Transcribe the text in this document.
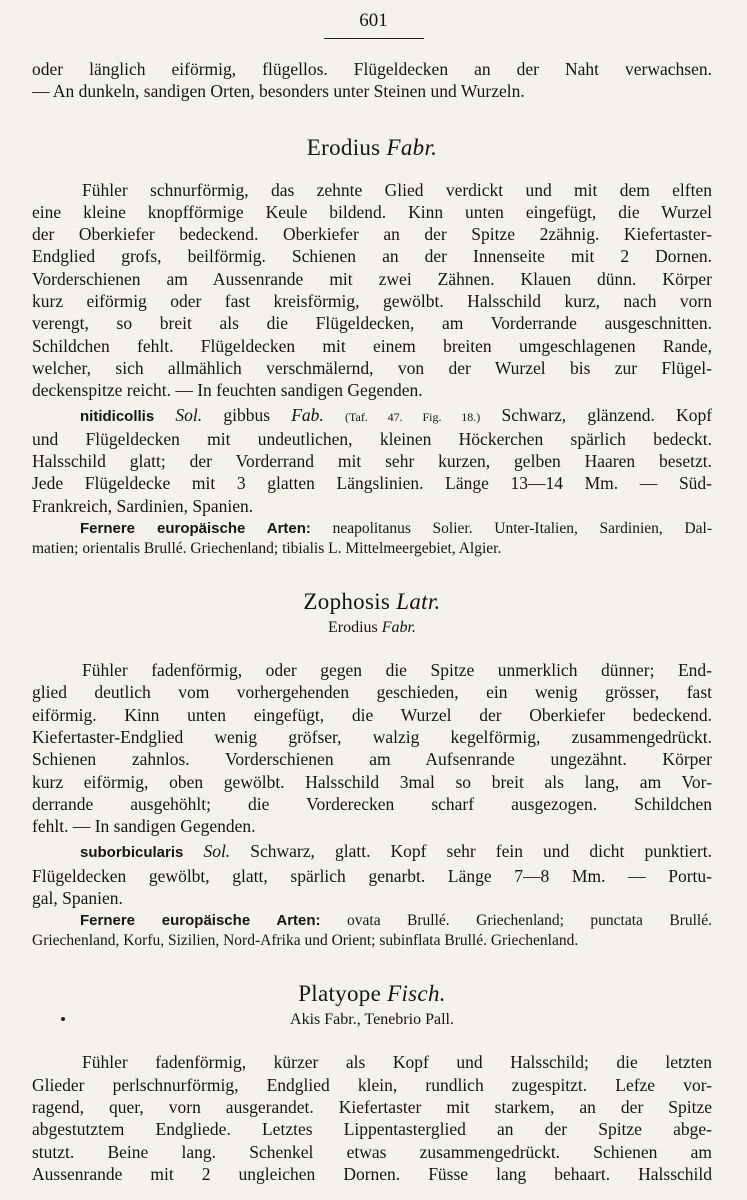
601
oder länglich eiförmig, flügellos. Flügeldecken an der Naht verwachsen.
— An dunkeln, sandigen Orten, besonders unter Steinen und Wurzeln.
Erodius Fabr.
Fühler schnurförmig, das zehnte Glied verdickt und mit dem elften
eine kleine knopfförmige Keule bildend. Kinn unten eingefügt, die Wurzel
der Oberkiefer bedeckend. Oberkiefer an der Spitze 2zähnig. Kiefertaster-
Endglied grofs, beilförmig. Schienen an der Innenseite mit 2 Dornen.
Vorderschienen am Aussenrande mit zwei Zähnen. Klauen dünn. Körper
kurz eiförmig oder fast kreisförmig, gewölbt. Halsschild kurz, nach vorn
verengt, so breit als die Flügeldecken, am Vorderrande ausgeschnitten.
Schildchen fehlt. Flügeldecken mit einem breiten umgeschlagenen Rande,
welcher, sich allmählich verschmälernd, von der Wurzel bis zur Flügel-
deckenspitze reicht. — In feuchten sandigen Gegenden.
nitidicollis Sol. gibbus Fab. (Taf. 47. Fig. 18.) Schwarz, glänzend. Kopf
und Flügeldecken mit undeutlichen, kleinen Höckerchen spärlich bedeckt.
Halsschild glatt; der Vorderrand mit sehr kurzen, gelben Haaren besetzt.
Jede Flügeldecke mit 3 glatten Längslinien. Länge 13—14 Mm. — Süd-
Frankreich, Sardinien, Spanien.
Fernere europäische Arten: neapolitanus Solier. Unter-Italien, Sardinien, Dal-
matien; orientalis Brullé. Griechenland; tibialis L. Mittelmeergebiet, Algier.
Zophosis Latr.
Erodius Fabr.
Fühler fadenförmig, oder gegen die Spitze unmerklich dünner; End-
glied deutlich vom vorhergehenden geschieden, ein wenig grösser, fast
eiförmig. Kinn unten eingefügt, die Wurzel der Oberkiefer bedeckend.
Kiefertaster-Endglied wenig gröfser, walzig kegelförmig, zusammengedrückt.
Schienen zahnlos. Vorderschienen am Aufsenrande ungezähnt. Körper
kurz eiförmig, oben gewölbt. Halsschild 3mal so breit als lang, am Vor-
derrande ausgehöhlt; die Vorderecken scharf ausgezogen. Schildchen
fehlt. — In sandigen Gegenden.
suborbicularis Sol. Schwarz, glatt. Kopf sehr fein und dicht punktiert.
Flügeldecken gewölbt, glatt, spärlich genarbt. Länge 7—8 Mm. — Portu-
gal, Spanien.
Fernere europäische Arten: ovata Brullé. Griechenland; punctata Brullé.
Griechenland, Korfu, Sizilien, Nord-Afrika und Orient; subinflata Brullé. Griechenland.
Platyope Fisch.
Akis Fabr., Tenebrio Pall.
Fühler fadenförmig, kürzer als Kopf und Halsschild; die letzten
Glieder perlschnurförmig, Endglied klein, rundlich zugespitzt. Lefze vor-
ragend, quer, vorn ausgerandet. Kiefertaster mit starkem, an der Spitze
abgestutztem Endgliede. Letztes Lippentasterglied an der Spitze abge-
stutzt. Beine lang. Schenkel etwas zusammengedrückt. Schienen am
Aussenrande mit 2 ungleichen Dornen. Füsse lang behaart. Halsschild
